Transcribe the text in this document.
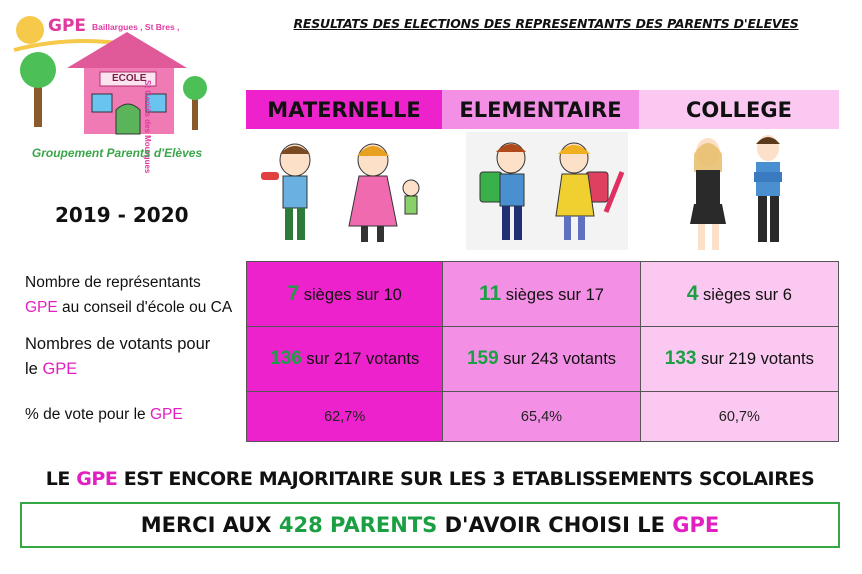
GPE Baillargues , St Bres ,
St Geniès des Mourgues
ECOLE
Groupement Parents d'Elèves
RESULTATS DES ELECTIONS DES REPRESENTANTS DES PARENTS D'ELEVES
2019 - 2020
MATERNELLE	ELEMENTAIRE	COLLEGE
Nombre de représentants
GPE au conseil d'école ou CA
Nombres de votants pour
le GPE
% de vote pour le GPE
7 sièges sur 10	11 sièges sur 17	4 sièges sur 6
136 sur 217 votants	159 sur 243 votants	133 sur 219 votants
62,7%	65,4%	60,7%
LE GPE EST ENCORE MAJORITAIRE SUR LES 3 ETABLISSEMENTS SCOLAIRES
MERCI AUX 428 PARENTS D'AVOIR CHOISI LE GPE
